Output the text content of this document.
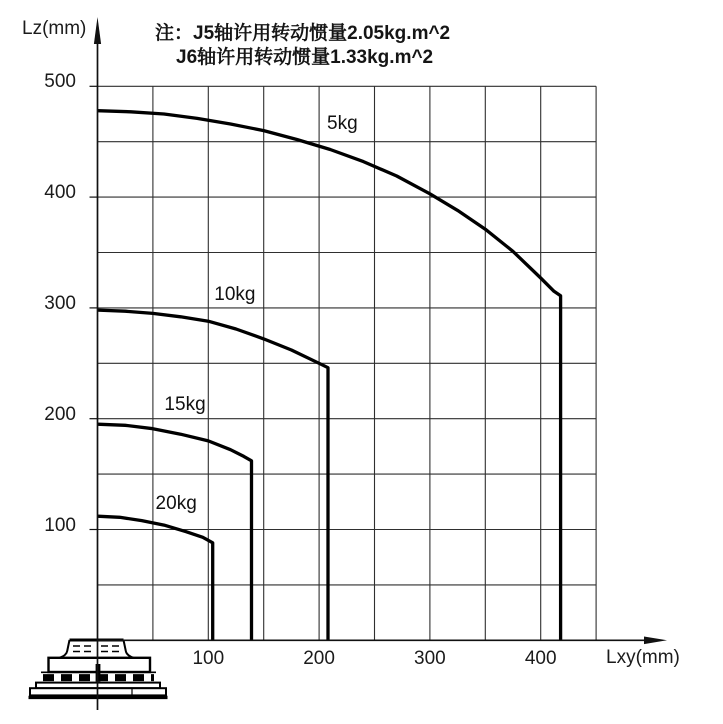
注：J5轴许用转动惯量2.05kg.m^2
J6轴许用转动惯量1.33kg.m^2
Lz(mm)
Lxy(mm)
100
200
300
400
500
100	200	300	400
5kg
10kg
15kg
20kg
